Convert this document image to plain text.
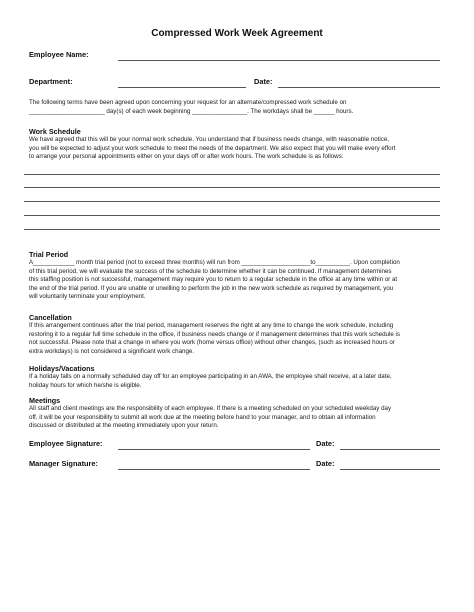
Compressed Work Week Agreement
Employee Name:
Department:	Date:
The following terms have been agreed upon concerning your request for an alternate/compressed work schedule on
______________________ day(s) of each week beginning ________________. The workdays shall be ______ hours.
Work Schedule
We have agreed that this will be your normal work schedule. You understand that if business needs change, with reasonable notice,
you will be expected to adjust your work schedule to meet the needs of the department. We also expect that you will make every effort
to arrange your personal appointments either on your days off or after work hours. The work schedule is as follows:
Trial Period
A____________ month trial period (not to exceed three months) will run from ____________________to__________. Upon completion
of this trial period, we will evaluate the success of the schedule to determine whether it can be continued. If management determines
this staffing position is not successful, management may require you to return to a regular schedule in the office at any time within or at
the end of the trial period. If you are unable or unwilling to perform the job in the new work schedule as required by management, you
will voluntarily terminate your employment.
Cancellation
If this arrangement continues after the trial period, management reserves the right at any time to change the work schedule, including
restoring it to a regular full time schedule in the office, if business needs change or if management determines that this work schedule is
not successful. Please note that a change in where you work (home versus office) without other changes, (such as increased hours or
extra workdays) is not considered a significant work change.
Holidays/Vacations
If a holiday falls on a normally scheduled day off for an employee participating in an AWA, the employee shall receive, at a later date,
holiday hours for which he/she is eligible.
Meetings
All staff and client meetings are the responsibility of each employee. If there is a meeting scheduled on your scheduled weekday day
off, it will be your responsibility to submit all work due at the meeting before hand to your manager, and to obtain all information
discussed or distributed at the meeting immediately upon your return.
Employee Signature:	Date:
Manager Signature:	Date:
